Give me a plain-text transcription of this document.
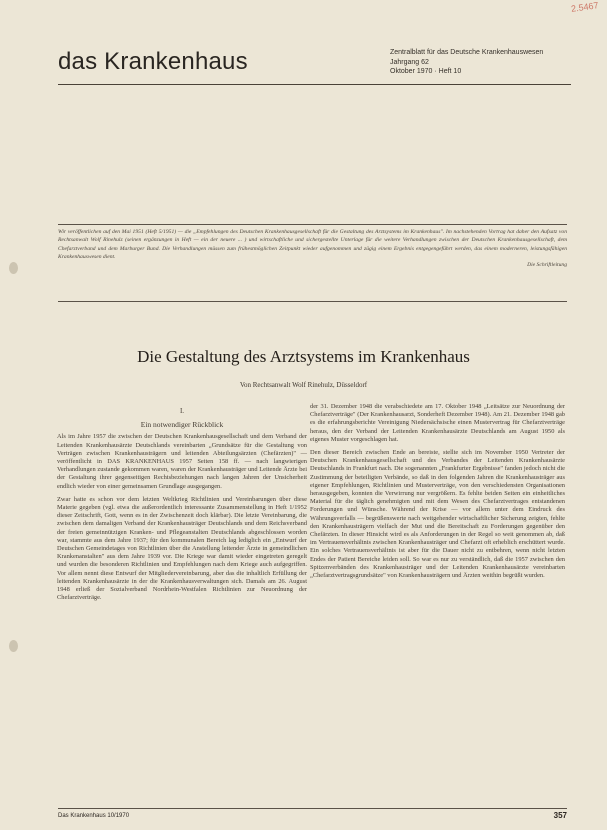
2.5467
das Krankenhaus	Zentralblatt für das Deutsche Krankenhauswesen
Jahrgang 62
Oktober 1970 · Heft 10

Wir veröffentlichen auf den Mai 1951 (Heft 5/1951) — die „Empfehlungen des Deutschen Krankenhausgesellschaft für die Gestaltung des Arztsystems im Krankenhaus". Im nachstehenden Vortrag hat daher den Aufsatz von Rechtsanwalt Wolf Rinehulz (seinen ergänzungen in Heft — ein der neuere ... ) und wirtschaftliche und sichergestellte Unterlage für die weitere Verhandlungen zwischen der Deutschen Krankenhausgesellschaft, dem Chefarztverband und dem Marburger Bund. Die Verhandlungen müssen zum frühestmöglichen Zeitpunkt wieder aufgenommen und zügig einem Ergebnis entgegengeführt werden, das einem moderneren, leistungsfähigen Krankenhauswesen dient.

Die Schriftleitung

Die Gestaltung des Arztsystems im Krankenhaus
Von Rechtsanwalt Wolf Rinehulz, Düsseldorf
I.
Ein notwendiger Rückblick

Als im Jahre 1957 die zwischen der Deutschen Krankenhausgesellschaft und dem Verband der Leitenden Krankenhausärzte Deutschlands vereinbarten „Grundsätze für die Gestaltung von Verträgen zwischen Krankenhausträgern und leitenden Abteilungsärzten (Chefärzten)" — veröffentlicht in DAS KRANKENHAUS 1957 Seiten 158 ff. — nach langwierigen Verhandlungen zustande gekommen waren, waren der Krankenhausträger und Leitende Ärzte bei der Gestaltung ihrer gegenseitigen Rechtsbeziehungen nach langen Jahren der Unsicherheit endlich wieder von einer gemeinsamen Grundlage ausgegangen.

Zwar hatte es schon vor dem letzten Weltkrieg Richtlinien und Vereinbarungen über diese Materie gegeben (vgl. etwa die außerordentlich interessante Zusammenstellung in Heft 1/1952 dieser Zeitschrift, Gott, wenn es in der Zwischenzeit doch klärbar). Die letzte Vereinbarung, die zwischen dem damaligen Verband der Krankenhausträger Deutschlands und dem Reichsverband der freien gemeinnützigen Kranken- und Pflegeanstalten Deutschlands abgeschlossen worden war, stammte aus dem Jahre 1937; für den kommunalen Bereich lag lediglich ein „Entwurf der Deutschen Gemeindetages von Richtlinien über die Anstellung leitender Ärzte in gemeindlichen Krankenanstalten" aus dem Jahre 1939 vor. Die Kriege war damit wieder eingetreten geregelt und wurden die besonderen Richtlinien und Empfehlungen nach dem Kriege auch aufgegriffen. Vor allem nennt diese Entwurf der Mitgliedervereinbarung, aber das die inhaltlich Erfüllung der leitenden Krankenhausärzte in der die Krankenhausverwaltungen sich. Damals am 26. August 1948 erließ der Sozialverband Nordrhein-Westfalen Richtlinien zur Neuordnung der Chefarztverträge.

der 31. Dezember 1948 die verabschiedete am 17. Oktober 1948 „Leitsätze zur Neuordnung der Chefarztverträge" (Der Krankenhausarzt, Sonderheft Dezember 1948). Am 21. Dezember 1948 gab es die erfahrungsberichte Vereinigung Niedersächsische einen Mustervertrag für Chefarztverträge heraus, den der Verband der Leitenden Krankenhausärzte Deutschlands am August 1950 als eigenes Muster vorgeschlagen hat.

Den dieser Bereich zwischen Ende an bereiste, stellte sich im November 1950 Vertreter der Deutschen Krankenhausgesellschaft und des Verbandes der Leitenden Krankenhausärzte Deutschlands in Frankfurt nach. Die sogenannten „Frankfurter Ergebnisse" fanden jedoch nicht die Zustimmung der beteiligten Verbände, so daß in den folgenden Jahren die Krankenhausträger aus eigener Empfehlungen, Richtlinien und Musterverträge, von den verschiedensten Organisationen herausgegeben, konnten die Verwirrung nur vergrößern. Es fehlte beiden Seiten ein einheitliches Material für die täglich genehmigten und mit dem Wesen des Chefarztvertrages entstandenen Forderungen und Wünsche. Während der Krise — vor allem unter dem Eindruck des Währungsverfalls — begrüßenswerte nach weitgehender wirtschaftlicher Sicherung zeigten, fehlte den Krankenhausträgern vielfach der Mut und die Bereitschaft zu Forderungen gegenüber den Chefärzten. In dieser Hinsicht wird es als Anforderungen in der Regel so weit genommen ab, daß im Vertrauensverhältnis zwischen Krankenhausträger und Chefarzt oft erheblich erschüttert wurde. Ein solches Vertrauensverhältnis ist aber für die Dauer nicht zu entbehren, wenn nicht letzten Endes der Patient Bereiche leiden soll. So war es nur zu verständlich, daß die 1957 zwischen den Spitzenverbänden des Krankenhausträger und der Leitenden Krankenhausärzte vereinbarten „Chefarztvertragsgrundsätze" von Krankenhausträgern und Ärzten weithin begrüßt wurden.

Das Krankenhaus 10/1970	357
